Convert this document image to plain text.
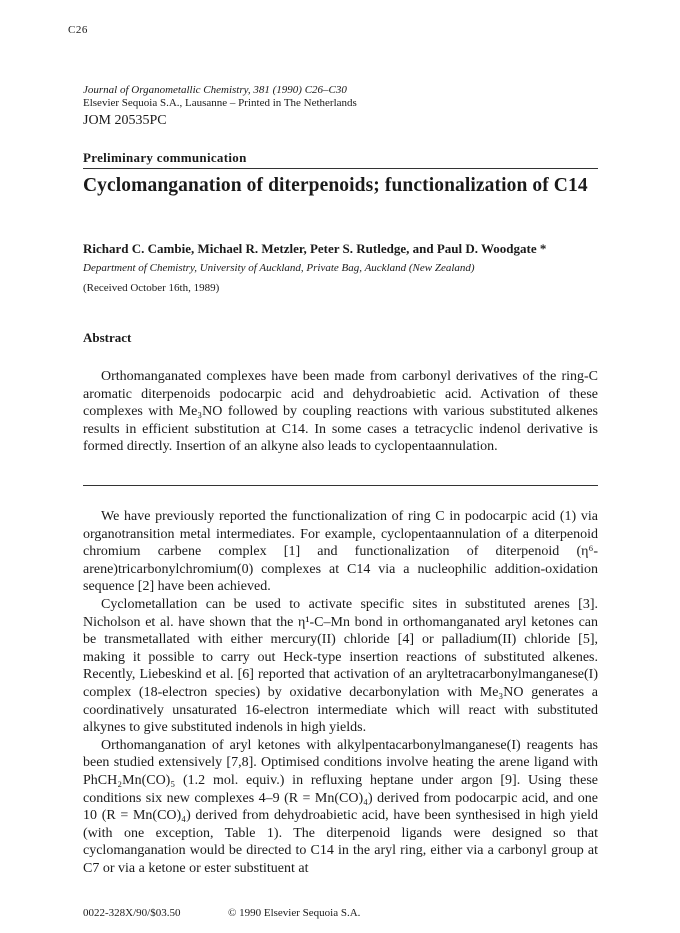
C26
Journal of Organometallic Chemistry, 381 (1990) C26–C30
Elsevier Sequoia S.A., Lausanne – Printed in The Netherlands
JOM 20535PC
Preliminary communication
Cyclomanganation of diterpenoids; functionalization of C14
Richard C. Cambie, Michael R. Metzler, Peter S. Rutledge, and Paul D. Woodgate *
Department of Chemistry, University of Auckland, Private Bag, Auckland (New Zealand)
(Received October 16th, 1989)
Abstract

Orthomanganated complexes have been made from carbonyl derivatives of the ring-C aromatic diterpenoids podocarpic acid and dehydroabietic acid. Activation of these complexes with Me₃NO followed by coupling reactions with various substituted alkenes results in efficient substitution at C14. In some cases a tetracyclic indenol derivative is formed directly. Insertion of an alkyne also leads to cyclopentaannulation.

We have previously reported the functionalization of ring C in podocarpic acid (1) via organotransition metal intermediates. For example, cyclopentaannulation of a diterpenoid chromium carbene complex [1] and functionalization of diterpenoid (η⁶-arene)tricarbonylchromium(0) complexes at C14 via a nucleophilic addition-oxidation sequence [2] have been achieved.

Cyclometallation can be used to activate specific sites in substituted arenes [3]. Nicholson et al. have shown that the η¹-C–Mn bond in orthomanganated aryl ketones can be transmetallated with either mercury(II) chloride [4] or palladium(II) chloride [5], making it possible to carry out Heck-type insertion reactions of substituted alkenes. Recently, Liebeskind et al. [6] reported that activation of an aryltetracarbonylmanganese(I) complex (18-electron species) by oxidative decarbonylation with Me₃NO generates a coordinatively unsaturated 16-electron intermediate which will react with substituted alkynes to give substituted indenols in high yields.

Orthomanganation of aryl ketones with alkylpentacarbonylmanganese(I) reagents has been studied extensively [7,8]. Optimised conditions involve heating the arene ligand with PhCH₂Mn(CO)₅ (1.2 mol. equiv.) in refluxing heptane under argon [9]. Using these conditions six new complexes 4–9 (R = Mn(CO)₄) derived from podocarpic acid, and one 10 (R = Mn(CO)₄) derived from dehydroabietic acid, have been synthesised in high yield (with one exception, Table 1). The diterpenoid ligands were designed so that cyclomanganation would be directed to C14 in the aryl ring, either via a carbonyl group at C7 or via a ketone or ester substituent at

0022-328X/90/$03.50	© 1990 Elsevier Sequoia S.A.
